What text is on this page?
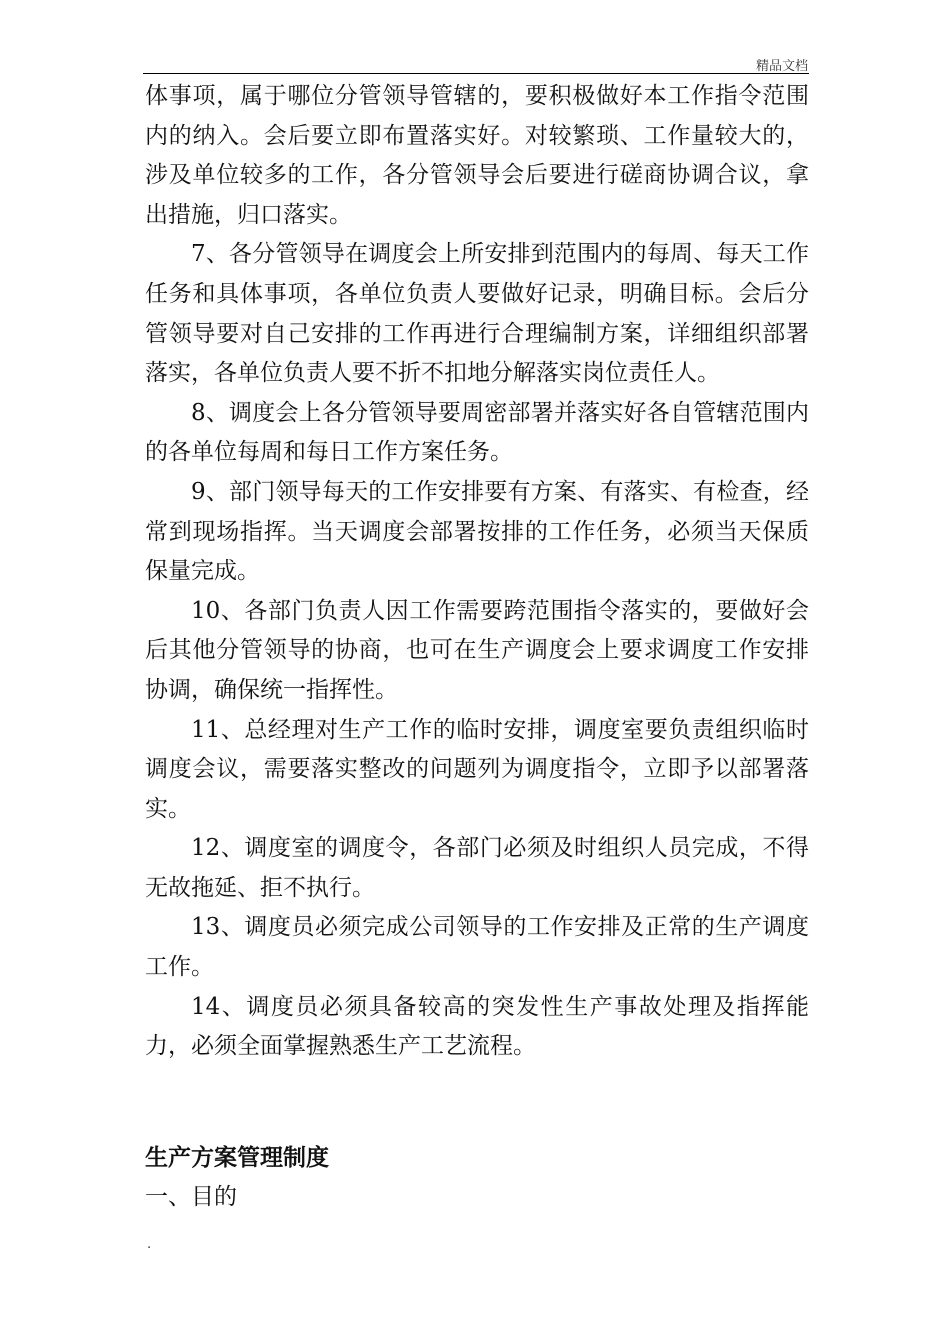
精品文档

体事项，属于哪位分管领导管辖的，要积极做好本工作指令范围内的纳入。会后要立即布置落实好。对较繁琐、工作量较大的，涉及单位较多的工作，各分管领导会后要进行磋商协调合议，拿出措施，归口落实。

7、各分管领导在调度会上所安排到范围内的每周、每天工作任务和具体事项，各单位负责人要做好记录，明确目标。会后分管领导要对自己安排的工作再进行合理编制方案，详细组织部署落实，各单位负责人要不折不扣地分解落实岗位责任人。

8、调度会上各分管领导要周密部署并落实好各自管辖范围内的各单位每周和每日工作方案任务。

9、部门领导每天的工作安排要有方案、有落实、有检查，经常到现场指挥。当天调度会部署按排的工作任务，必须当天保质保量完成。

10、各部门负责人因工作需要跨范围指令落实的，要做好会后其他分管领导的协商，也可在生产调度会上要求调度工作安排协调，确保统一指挥性。

11、总经理对生产工作的临时安排，调度室要负责组织临时调度会议，需要落实整改的问题列为调度指令，立即予以部署落实。

12、调度室的调度令，各部门必须及时组织人员完成，不得无故拖延、拒不执行。

13、调度员必须完成公司领导的工作安排及正常的生产调度工作。

14、调度员必须具备较高的突发性生产事故处理及指挥能力，必须全面掌握熟悉生产工艺流程。

生产方案管理制度
一、目的
.
